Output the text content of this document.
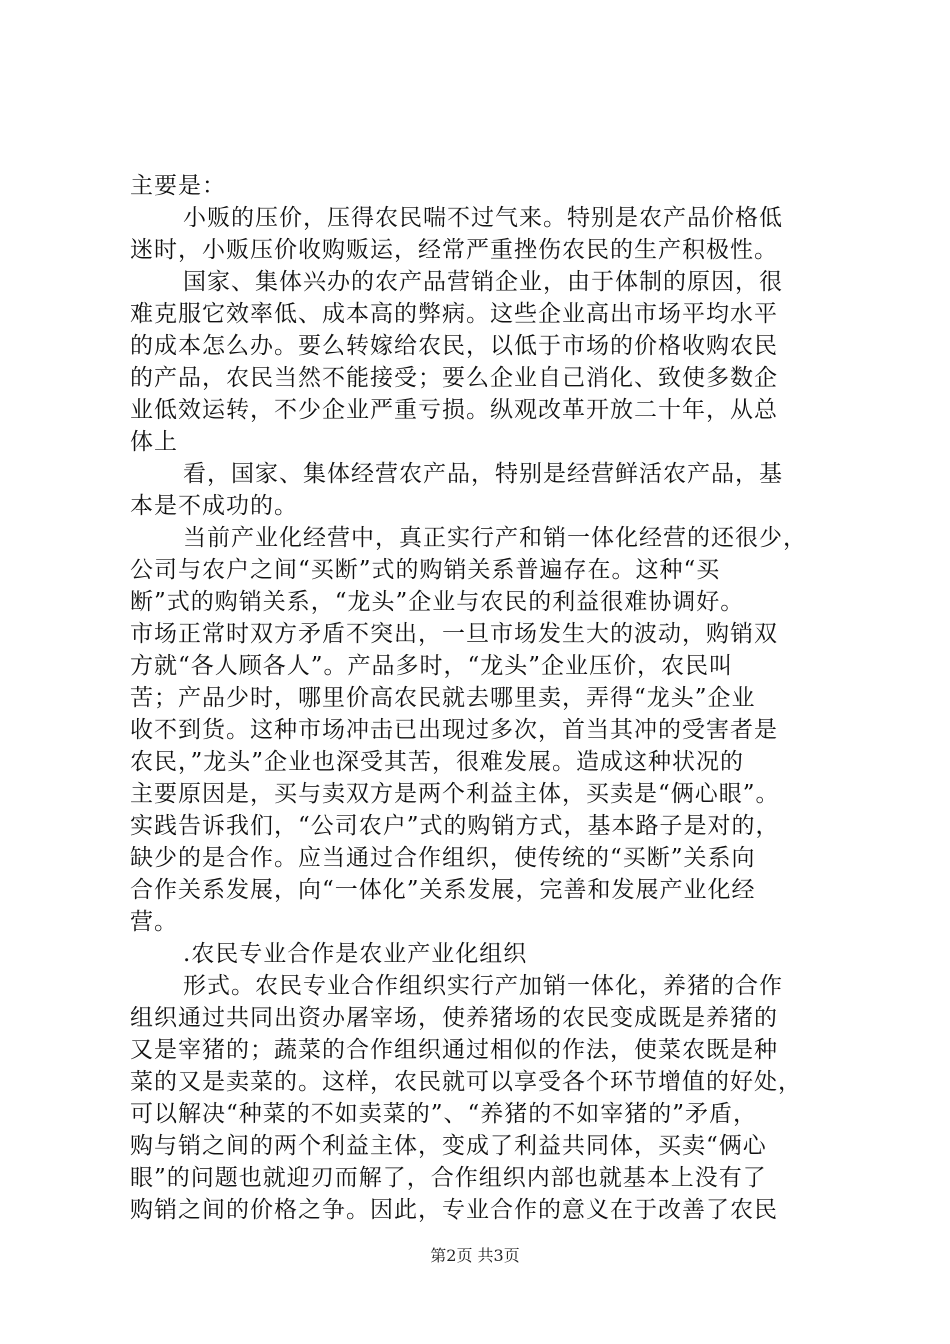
主要是：
小贩的压价，压得农民喘不过气来。特别是农产品价格低
迷时，小贩压价收购贩运，经常严重挫伤农民的生产积极性。
国家、集体兴办的农产品营销企业，由于体制的原因，很
难克服它效率低、成本高的弊病。这些企业高出市场平均水平
的成本怎么办。要么转嫁给农民，以低于市场的价格收购农民
的产品，农民当然不能接受；要么企业自己消化、致使多数企
业低效运转，不少企业严重亏损。纵观改革开放二十年，从总
体上
看，国家、集体经营农产品，特别是经营鲜活农产品，基
本是不成功的。
当前产业化经营中，真正实行产和销一体化经营的还很少，
公司与农户之间“买断”式的购销关系普遍存在。这种“买
断”式的购销关系，“龙头”企业与农民的利益很难协调好。
市场正常时双方矛盾不突出，一旦市场发生大的波动，购销双
方就“各人顾各人”。产品多时，“龙头”企业压价，农民叫
苦；产品少时，哪里价高农民就去哪里卖，弄得“龙头”企业
收不到货。这种市场冲击已出现过多次，首当其冲的受害者是
农民，”龙头”企业也深受其苦，很难发展。造成这种状况的
主要原因是，买与卖双方是两个利益主体，买卖是“俩心眼”。
实践告诉我们，“公司农户”式的购销方式，基本路子是对的，
缺少的是合作。应当通过合作组织，使传统的“买断”关系向
合作关系发展，向“一体化”关系发展，完善和发展产业化经
营。
.农民专业合作是农业产业化组织
形式。农民专业合作组织实行产加销一体化，养猪的合作
组织通过共同出资办屠宰场，使养猪场的农民变成既是养猪的
又是宰猪的；蔬菜的合作组织通过相似的作法，使菜农既是种
菜的又是卖菜的。这样，农民就可以享受各个环节增值的好处，
可以解决“种菜的不如卖菜的”、“养猪的不如宰猪的”矛盾，
购与销之间的两个利益主体，变成了利益共同体，买卖“俩心
眼”的问题也就迎刃而解了，合作组织内部也就基本上没有了
购销之间的价格之争。因此，专业合作的意义在于改善了农民
第2页 共3页
